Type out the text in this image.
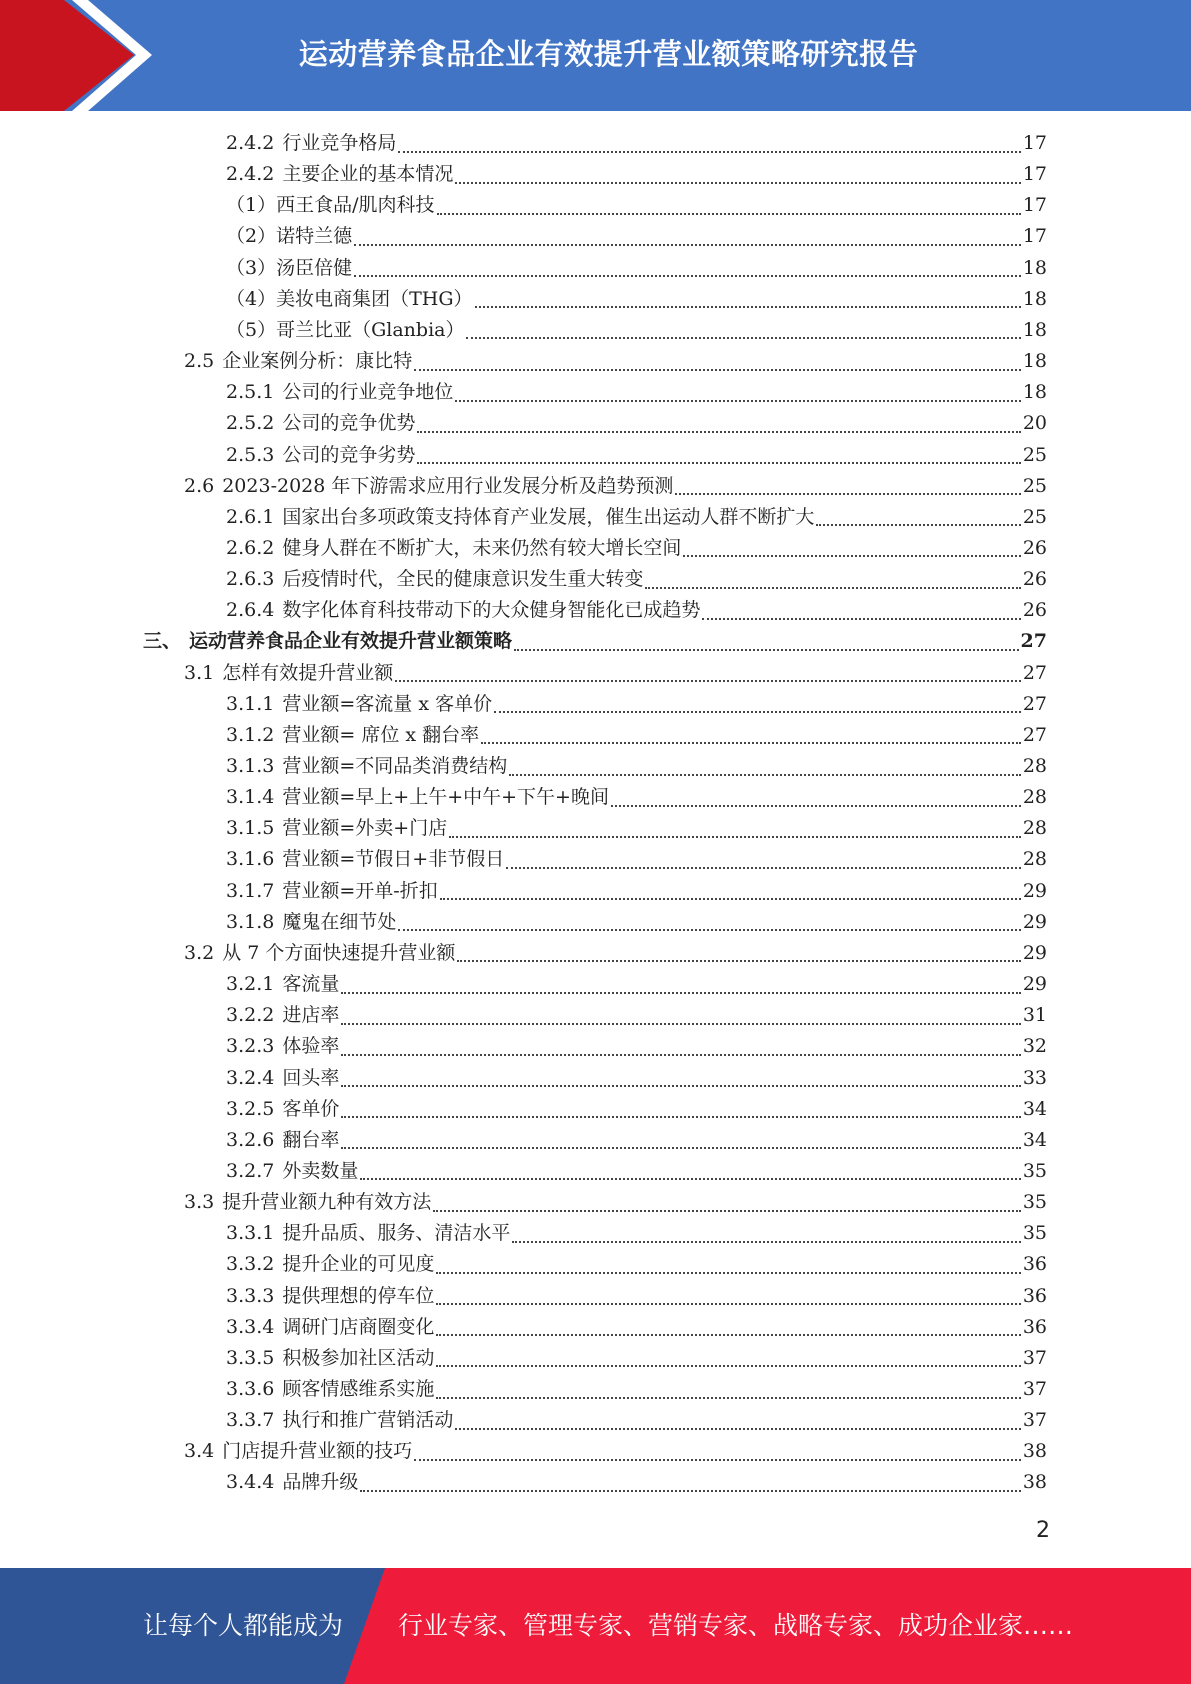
运动营养食品企业有效提升营业额策略研究报告
2.4.2 行业竞争格局	17
2.4.2 主要企业的基本情况	17
（1） 西王食品/肌肉科技	17
（2） 诺特兰德	17
（3） 汤臣倍健	18
（4） 美妆电商集团（THG）	18
（5） 哥兰比亚（Glanbia）	18
2.5 企业案例分析：康比特	18
2.5.1 公司的行业竞争地位	18
2.5.2 公司的竞争优势	20
2.5.3 公司的竞争劣势	25
2.6 2023-2028 年下游需求应用行业发展分析及趋势预测	25
2.6.1 国家出台多项政策支持体育产业发展，催生出运动人群不断扩大	25
2.6.2 健身人群在不断扩大，未来仍然有较大增长空间	26
2.6.3 后疫情时代，全民的健康意识发生重大转变	26
2.6.4 数字化体育科技带动下的大众健身智能化已成趋势	26
三、 运动营养食品企业有效提升营业额策略	27
3.1 怎样有效提升营业额	27
3.1.1 营业额=客流量 x 客单价	27
3.1.2 营业额= 席位 x 翻台率	27
3.1.3 营业额=不同品类消费结构	28
3.1.4 营业额=早上+上午+中午+下午+晚间	28
3.1.5 营业额=外卖+门店	28
3.1.6 营业额=节假日+非节假日	28
3.1.7 营业额=开单-折扣	29
3.1.8 魔鬼在细节处	29
3.2 从 7 个方面快速提升营业额	29
3.2.1 客流量	29
3.2.2 进店率	31
3.2.3 体验率	32
3.2.4 回头率	33
3.2.5 客单价	34
3.2.6 翻台率	34
3.2.7 外卖数量	35
3.3 提升营业额九种有效方法	35
3.3.1 提升品质、服务、清洁水平	35
3.3.2 提升企业的可见度	36
3.3.3 提供理想的停车位	36
3.3.4 调研门店商圈变化	36
3.3.5 积极参加社区活动	37
3.3.6 顾客情感维系实施	37
3.3.7 执行和推广营销活动	37
3.4 门店提升营业额的技巧	38
3.4.4 品牌升级	38
2
让每个人都能成为 行业专家、管理专家、营销专家、战略专家、成功企业家……
